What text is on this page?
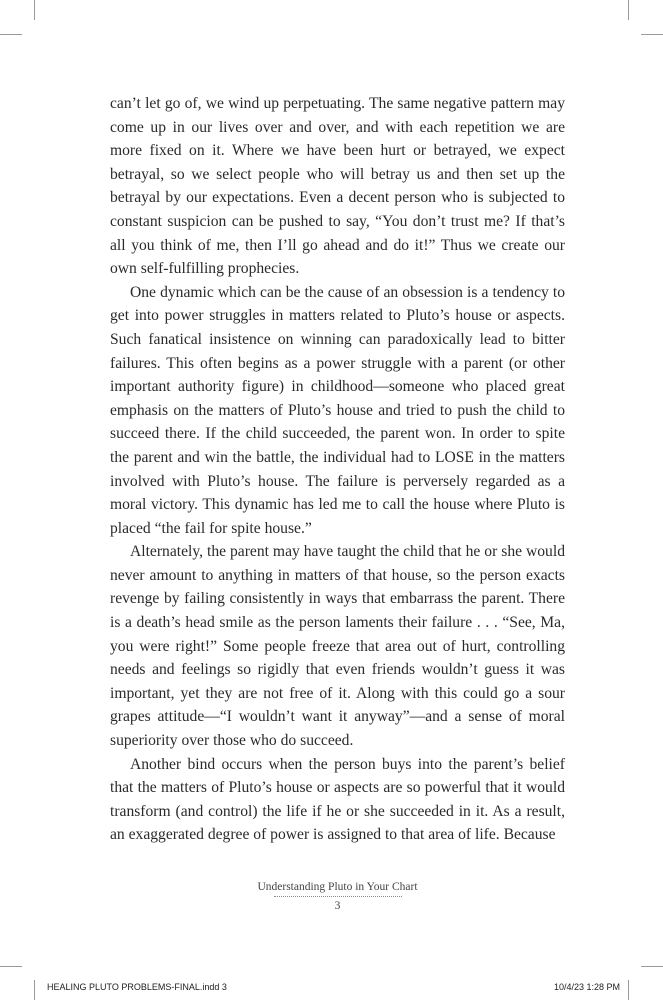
can’t let go of, we wind up perpetuating. The same negative pattern may come up in our lives over and over, and with each repetition we are more fixed on it. Where we have been hurt or betrayed, we expect betrayal, so we select people who will betray us and then set up the betrayal by our expectations. Even a decent person who is subjected to constant suspicion can be pushed to say, “You don’t trust me? If that’s all you think of me, then I’ll go ahead and do it!” Thus we create our own self-fulfilling prophecies.

One dynamic which can be the cause of an obsession is a tendency to get into power struggles in matters related to Pluto’s house or aspects. Such fanatical insistence on winning can paradoxically lead to bitter failures. This often begins as a power struggle with a parent (or other important authority figure) in childhood—someone who placed great emphasis on the matters of Pluto’s house and tried to push the child to succeed there. If the child succeeded, the parent won. In order to spite the parent and win the battle, the individual had to LOSE in the matters involved with Pluto’s house. The failure is perversely regarded as a moral victory. This dynamic has led me to call the house where Pluto is placed “the fail for spite house.”

Alternately, the parent may have taught the child that he or she would never amount to anything in matters of that house, so the person exacts revenge by failing consistently in ways that embarrass the parent. There is a death’s head smile as the person laments their failure . . . “See, Ma, you were right!” Some people freeze that area out of hurt, controlling needs and feelings so rigidly that even friends wouldn’t guess it was important, yet they are not free of it. Along with this could go a sour grapes attitude—“I wouldn’t want it anyway”—and a sense of moral superiority over those who do succeed.

Another bind occurs when the person buys into the parent’s belief that the matters of Pluto’s house or aspects are so powerful that it would transform (and control) the life if he or she succeeded in it. As a result, an exaggerated degree of power is assigned to that area of life. Because

Understanding Pluto in Your Chart
3
HEALING PLUTO PROBLEMS-FINAL.indd 3	10/4/23 1:28 PM
